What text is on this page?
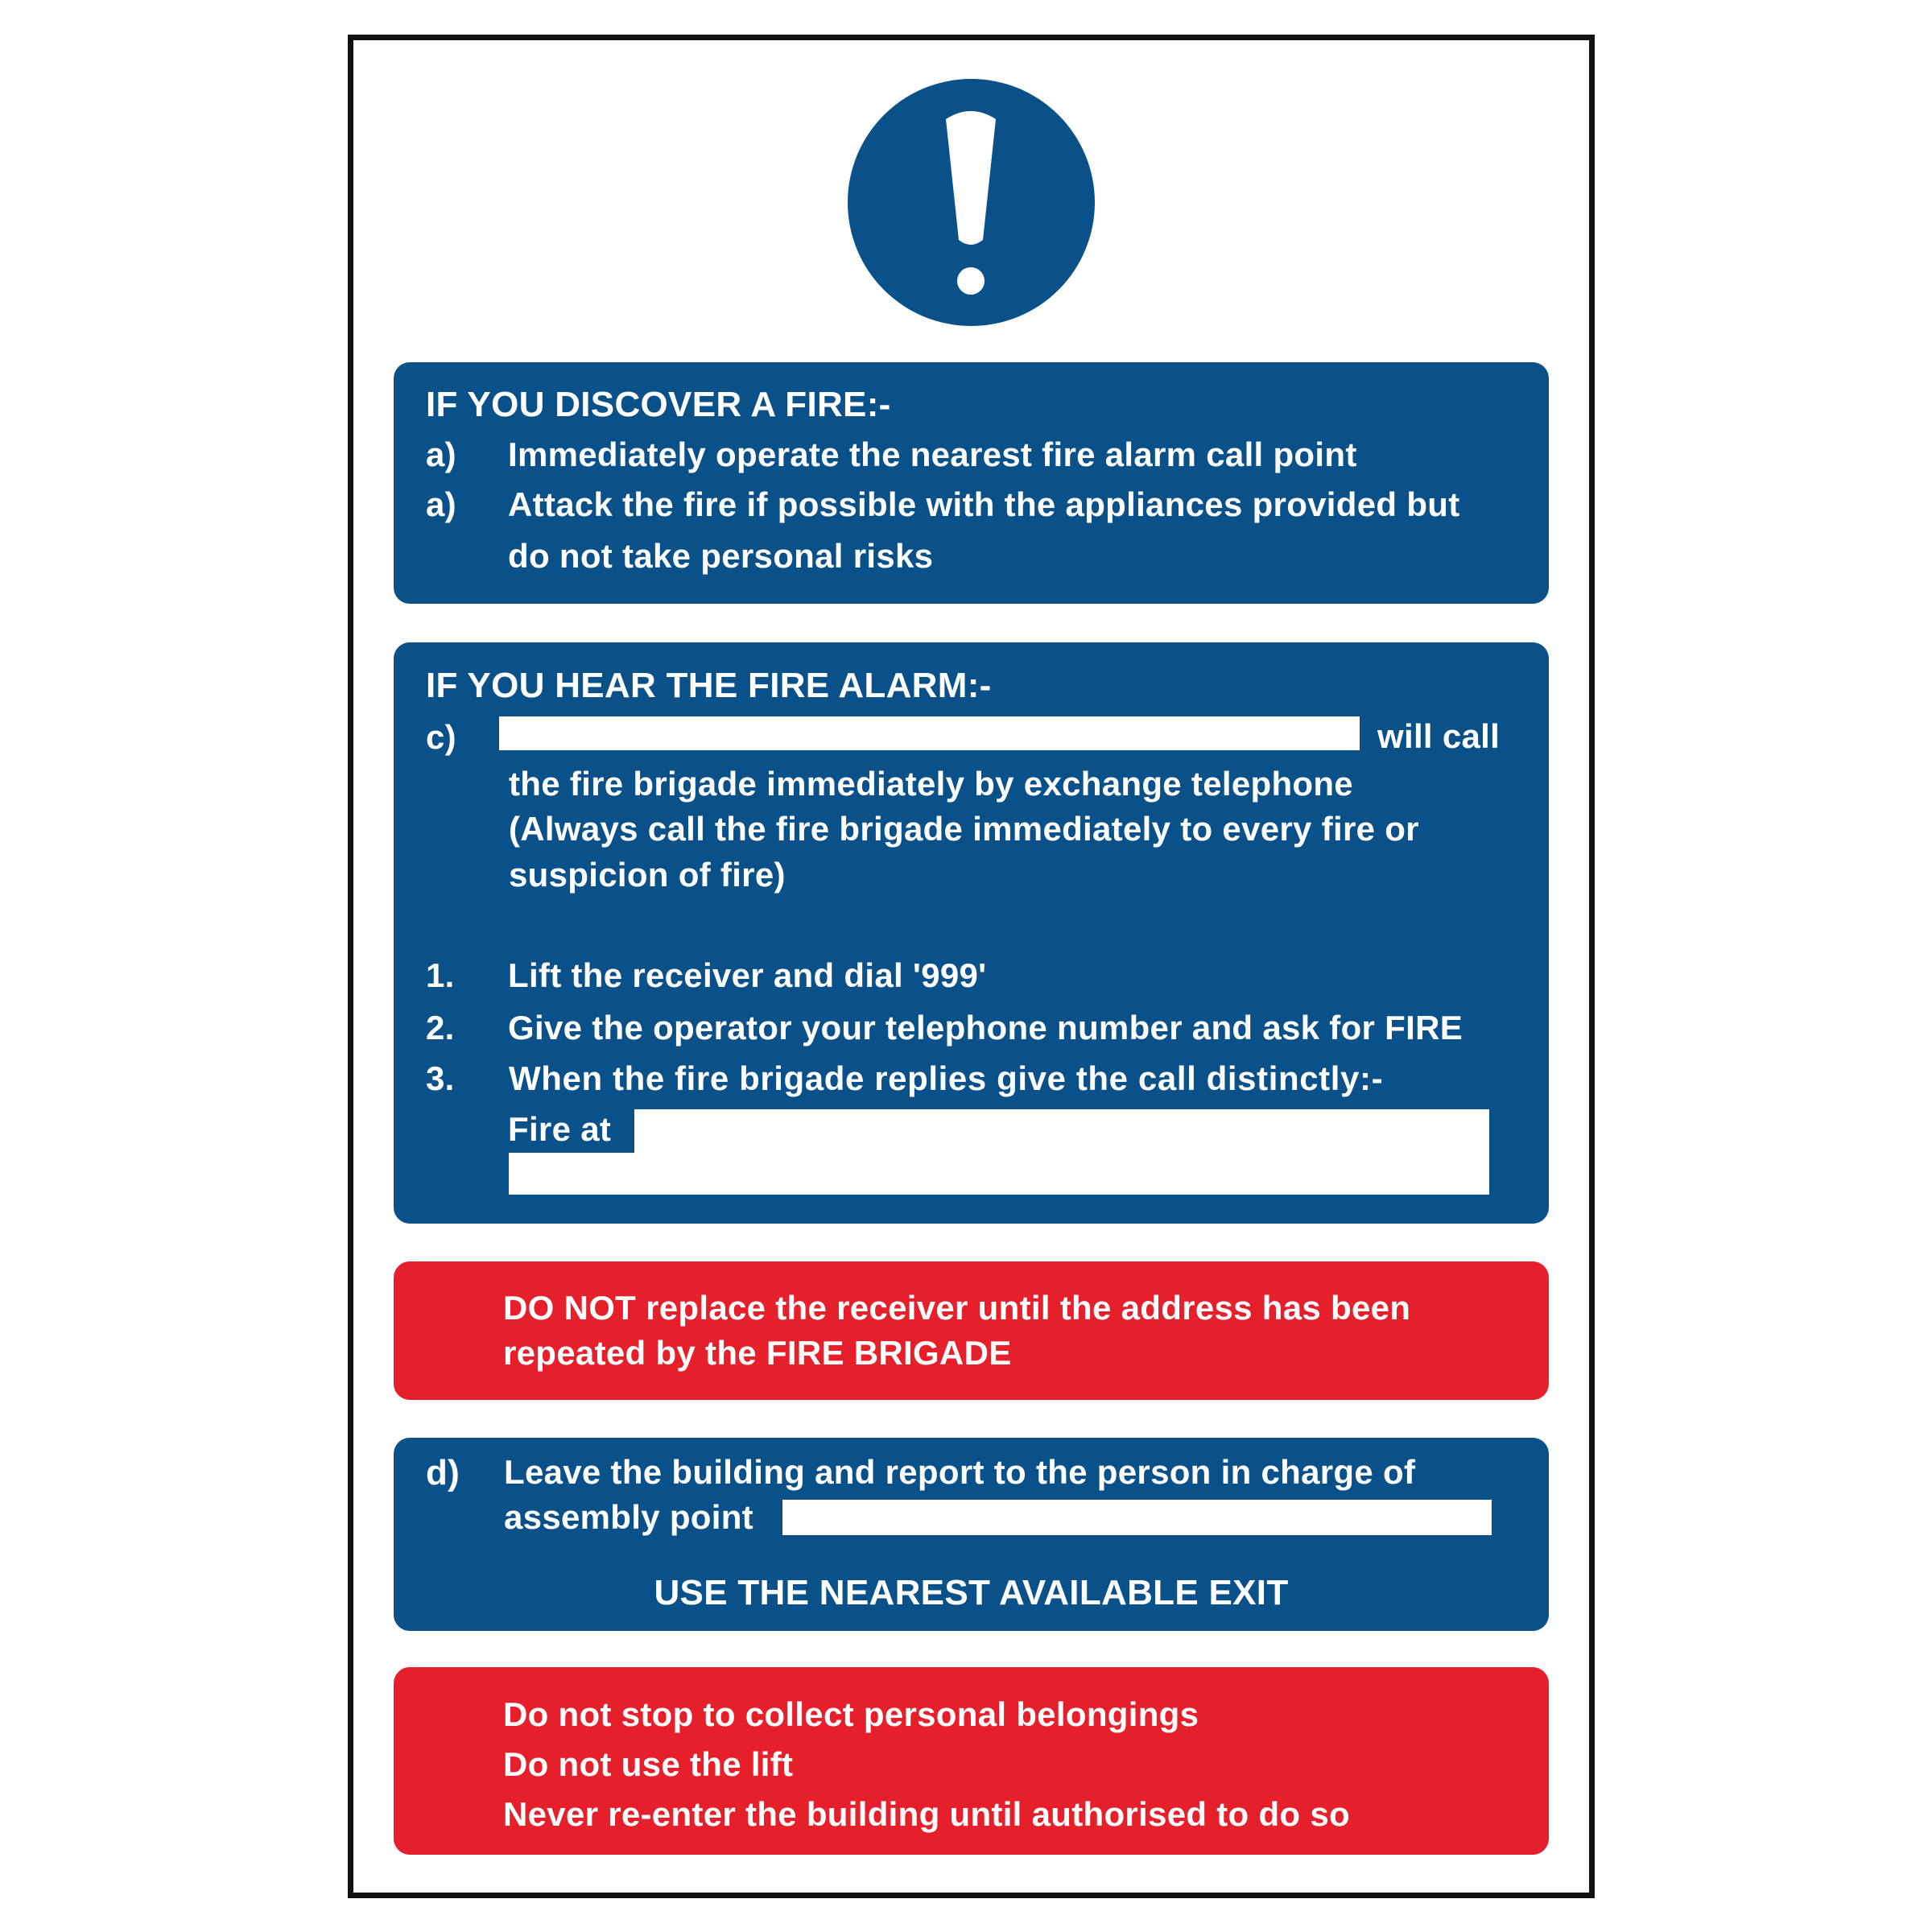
IF YOU DISCOVER A FIRE:-
a) Immediately operate the nearest fire alarm call point
a) Attack the fire if possible with the appliances provided but
do not take personal risks
IF YOU HEAR THE FIRE ALARM:-
c)	will call
the fire brigade immediately by exchange telephone
(Always call the fire brigade immediately to every fire or
suspicion of fire)
1. Lift the receiver and dial '999'
2. Give the operator your telephone number and ask for FIRE
3. When the fire brigade replies give the call distinctly:-
Fire at
DO NOT replace the receiver until the address has been
repeated by the FIRE BRIGADE
d) Leave the building and report to the person in charge of
assembly point
USE THE NEAREST AVAILABLE EXIT
Do not stop to collect personal belongings
Do not use the lift
Never re-enter the building until authorised to do so
